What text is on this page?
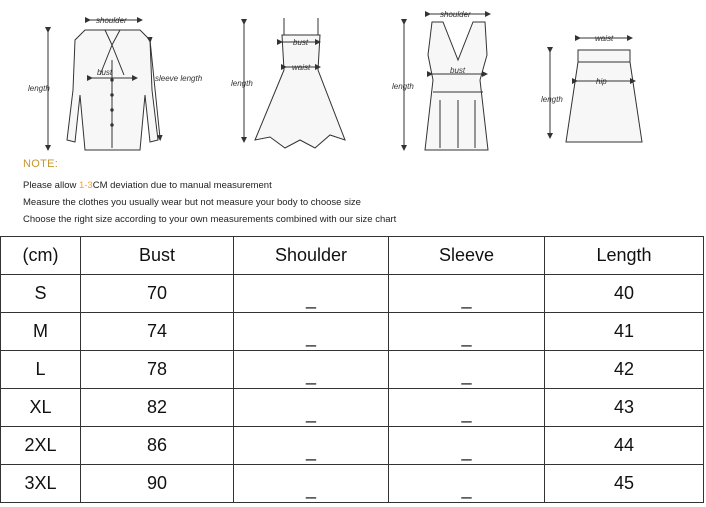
shoulder
bust
length
sleeve length
bust
waist
length
shoulder
bust
length
waist
hip
length
NOTE:
Please allow 1-3CM deviation due to manual measurement
Measure the clothes you usually wear but not measure your body to choose size
Choose the right size according to your own measurements combined with our size chart
(cm)	Bust	Shoulder	Sleeve	Length
S	70	_	_	40
M	74	_	_	41
L	78	_	_	42
XL	82	_	_	43
2XL	86	_	_	44
3XL	90	_	_	45
